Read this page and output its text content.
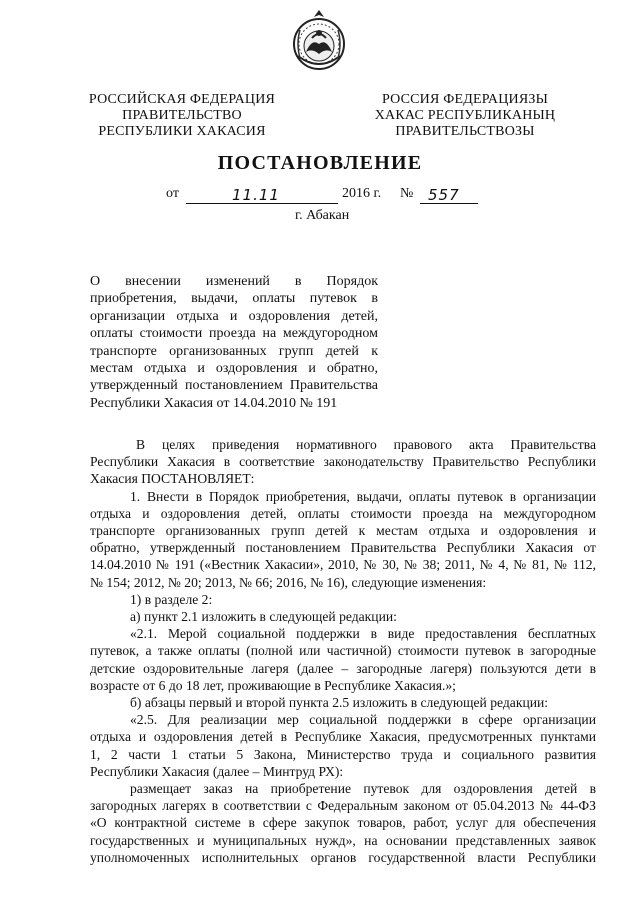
РОССИЙСКАЯ ФЕДЕРАЦИЯ
ПРАВИТЕЛЬСТВО
РЕСПУБЛИКИ ХАКАСИЯ
РОССИЯ ФЕДЕРАЦИЯЗЫ
ХАКАС РЕСПУБЛИКАНЫҢ
ПРАВИТЕЛЬСТВОЗЫ
ПОСТАНОВЛЕНИЕ
от	11.11	2016 г. № 557
г. Абакан
О внесении изменений в Порядок
приобретения, выдачи, оплаты путевок в
организации отдыха и оздоровления детей,
оплаты стоимости проезда на междугородном
транспорте организованных групп детей к
местам отдыха и оздоровления и обратно,
утвержденный постановлением Правительства
Республики Хакасия от 14.04.2010 № 191
В целях приведения нормативного правового акта Правительства
Республики Хакасия в соответствие законодательству Правительство Республики
Хакасия ПОСТАНОВЛЯЕТ:
1. Внести в Порядок приобретения, выдачи, оплаты путевок в организации
отдыха и оздоровления детей, оплаты стоимости проезда на междугородном
транспорте организованных групп детей к местам отдыха и оздоровления и
обратно, утвержденный постановлением Правительства Республики Хакасия от
14.04.2010 № 191 («Вестник Хакасии», 2010, № 30, № 38; 2011, № 4, № 81, № 112,
№ 154; 2012, № 20; 2013, № 66; 2016, № 16), следующие изменения:
1) в разделе 2:
а) пункт 2.1 изложить в следующей редакции:
«2.1. Мерой социальной поддержки в виде предоставления бесплатных
путевок, а также оплаты (полной или частичной) стоимости путевок в загородные
детские оздоровительные лагеря (далее – загородные лагеря) пользуются дети в
возрасте от 6 до 18 лет, проживающие в Республике Хакасия.»;
б) абзацы первый и второй пункта 2.5 изложить в следующей редакции:
«2.5. Для реализации мер социальной поддержки в сфере организации
отдыха и оздоровления детей в Республике Хакасия, предусмотренных пунктами
1, 2 части 1 статьи 5 Закона, Министерство труда и социального развития
Республики Хакасия (далее – Минтруд РХ):
размещает заказ на приобретение путевок для оздоровления детей в
загородных лагерях в соответствии с Федеральным законом от 05.04.2013 № 44-ФЗ
«О контрактной системе в сфере закупок товаров, работ, услуг для обеспечения
государственных и муниципальных нужд», на основании представленных заявок
уполномоченных исполнительных органов государственной власти Республики
